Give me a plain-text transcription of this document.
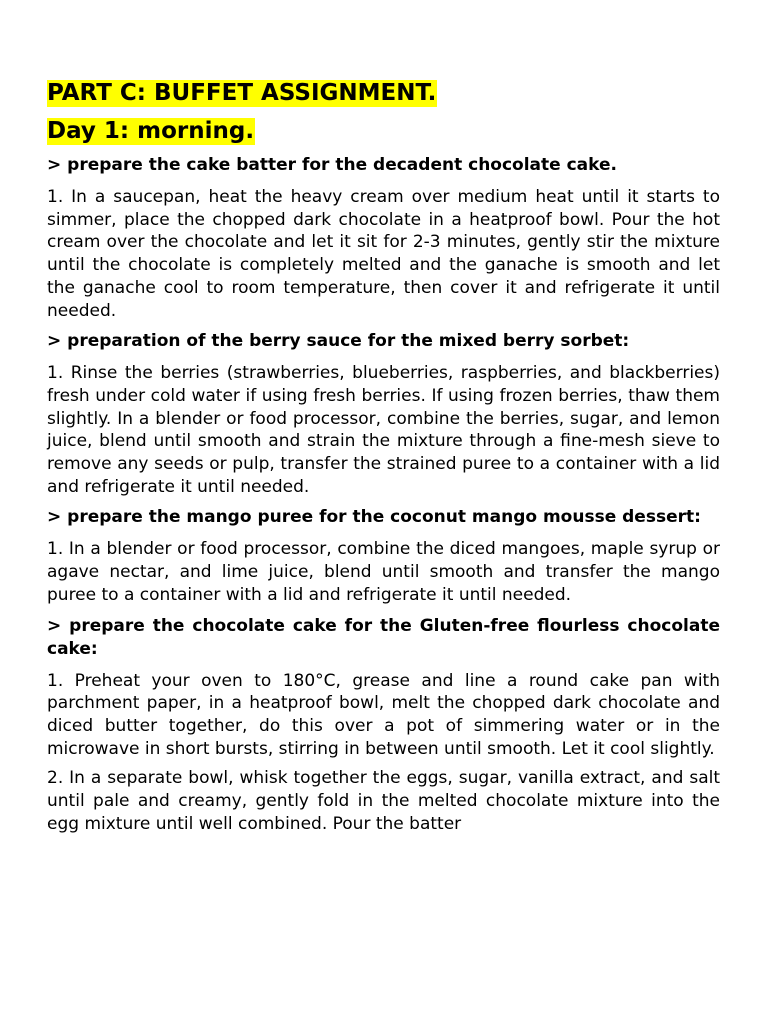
PART C: BUFFET ASSIGNMENT.

Day 1: morning.

> prepare the cake batter for the decadent chocolate cake.

1. In a saucepan, heat the heavy cream over medium heat until it starts to simmer, place the chopped dark chocolate in a heatproof bowl. Pour the hot cream over the chocolate and let it sit for 2-3 minutes, gently stir the mixture until the chocolate is completely melted and the ganache is smooth and let the ganache cool to room temperature, then cover it and refrigerate it until needed.

> preparation of the berry sauce for the mixed berry sorbet:

1. Rinse the berries (strawberries, blueberries, raspberries, and blackberries) fresh under cold water if using fresh berries. If using frozen berries, thaw them slightly. In a blender or food processor, combine the berries, sugar, and lemon juice, blend until smooth and strain the mixture through a fine-mesh sieve to remove any seeds or pulp, transfer the strained puree to a container with a lid and refrigerate it until needed.

> prepare the mango puree for the coconut mango mousse dessert:

1. In a blender or food processor, combine the diced mangoes, maple syrup or agave nectar, and lime juice, blend until smooth and transfer the mango puree to a container with a lid and refrigerate it until needed.

> prepare the chocolate cake for the Gluten-free flourless chocolate cake:

1. Preheat your oven to 180°C, grease and line a round cake pan with parchment paper, in a heatproof bowl, melt the chopped dark chocolate and diced butter together, do this over a pot of simmering water or in the microwave in short bursts, stirring in between until smooth. Let it cool slightly.

2. In a separate bowl, whisk together the eggs, sugar, vanilla extract, and salt until pale and creamy, gently fold in the melted chocolate mixture into the egg mixture until well combined. Pour the batter
